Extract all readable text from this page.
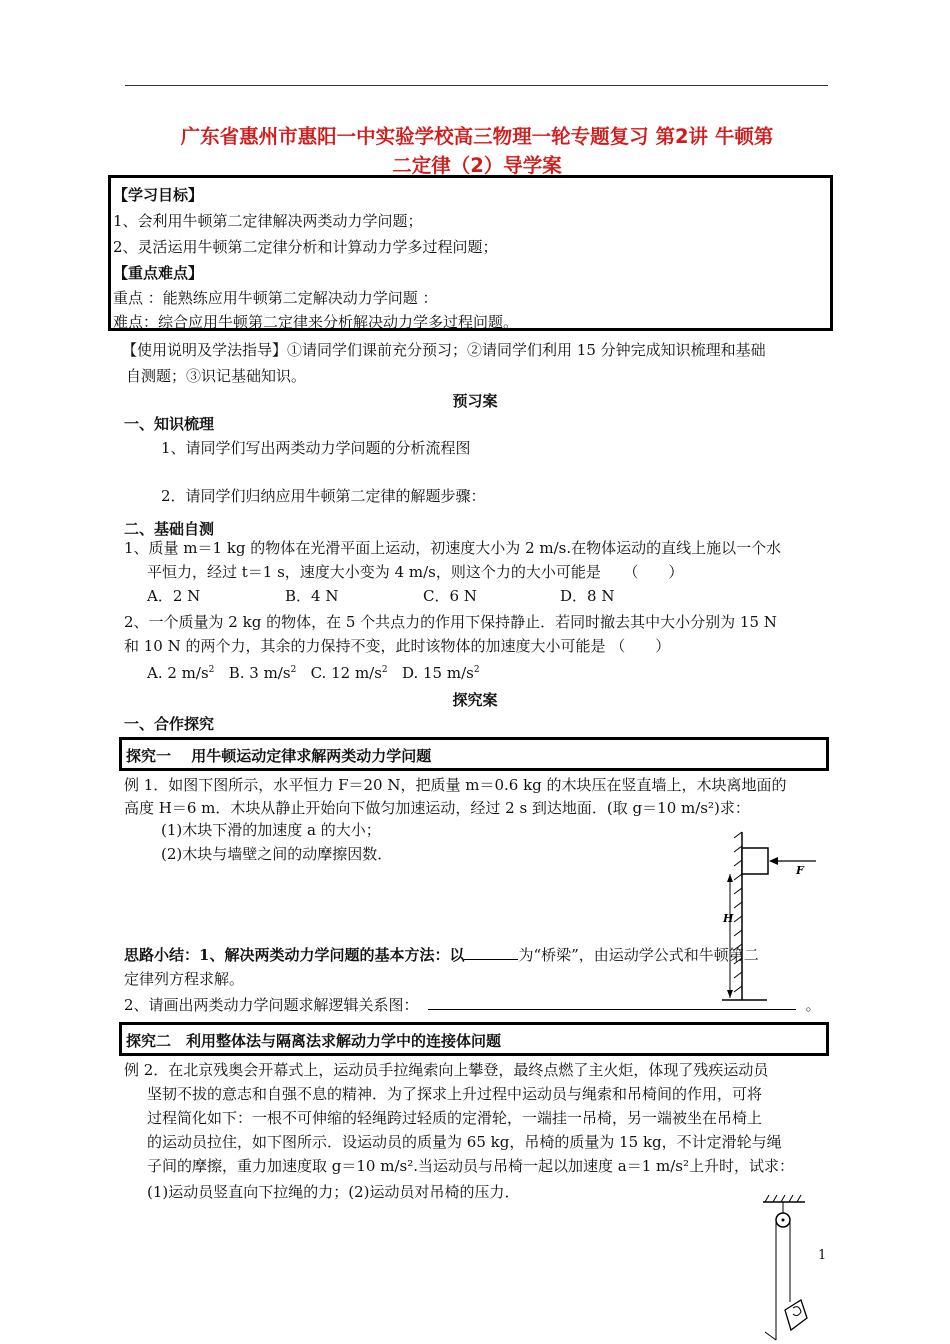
广东省惠州市惠阳一中实验学校高三物理一轮专题复习 第2讲 牛顿第
二定律（2）导学案
【学习目标】
1、会利用牛顿第二定律解决两类动力学问题；
2、灵活运用牛顿第二定律分析和计算动力学多过程问题；
【重点难点】
重点 ：能熟练应用牛顿第二定解决动力学问题 ：
难点：综合应用牛顿第二定律来分析解决动力学多过程问题。
【使用说明及学法指导】①请同学们课前充分预习；②请同学们利用 15 分钟完成知识梳理和基础
自测题；③识记基础知识。
预习案
一、知识梳理
1、请同学们写出两类动力学问题的分析流程图
2．请同学们归纳应用牛顿第二定律的解题步骤：
二、基础自测
1、质量 m＝1 kg 的物体在光滑平面上运动，初速度大小为 2 m/s.在物体运动的直线上施以一个水
平恒力，经过 t＝1 s，速度大小变为 4 m/s，则这个力的大小可能是　　（　　）
A．2 N	B．4 N	C．6 N	D．8 N
2、一个质量为 2 kg 的物体，在 5 个共点力的作用下保持静止．若同时撤去其中大小分别为 15 N
和 10 N 的两个力，其余的力保持不变，此时该物体的加速度大小可能是 （　　）
A. 2 $m/s^2$ B. 3 $m/s^2$ C. 12 $m/s^2$ D. 15 $m/s^2$
探究案
一、合作探究
探究一　 用牛顿运动定律求解两类动力学问题
例 1．如图下图所示，水平恒力 F＝20 N，把质量 m＝0.6 kg 的木块压在竖直墙上，木块离地面的
高度 H＝6 m．木块从静止开始向下做匀加速运动，经过 2 s 到达地面．(取 g＝10 m/s²)求：
(1)木块下滑的加速度 a 的大小；
(2)木块与墙壁之间的动摩擦因数．
F
H
思路小结：1、解决两类动力学问题的基本方法：以	为“桥梁”，由运动学公式和牛顿第二
定律列方程求解。
2、请画出两类动力学问题求解逻辑关系图：	。
探究二　利用整体法与隔离法求解动力学中的连接体问题
例 2．在北京残奥会开幕式上，运动员手拉绳索向上攀登，最终点燃了主火炬，体现了残疾运动员
坚韧不拔的意志和自强不息的精神．为了探求上升过程中运动员与绳索和吊椅间的作用，可将
过程简化如下：一根不可伸缩的轻绳跨过轻质的定滑轮，一端挂一吊椅，另一端被坐在吊椅上
的运动员拉住，如下图所示．设运动员的质量为 65 kg，吊椅的质量为 15 kg，不计定滑轮与绳
子间的摩擦，重力加速度取 g＝10 m/s².当运动员与吊椅一起以加速度 a＝1 m/s²上升时，试求：
(1)运动员竖直向下拉绳的力；(2)运动员对吊椅的压力．
1
